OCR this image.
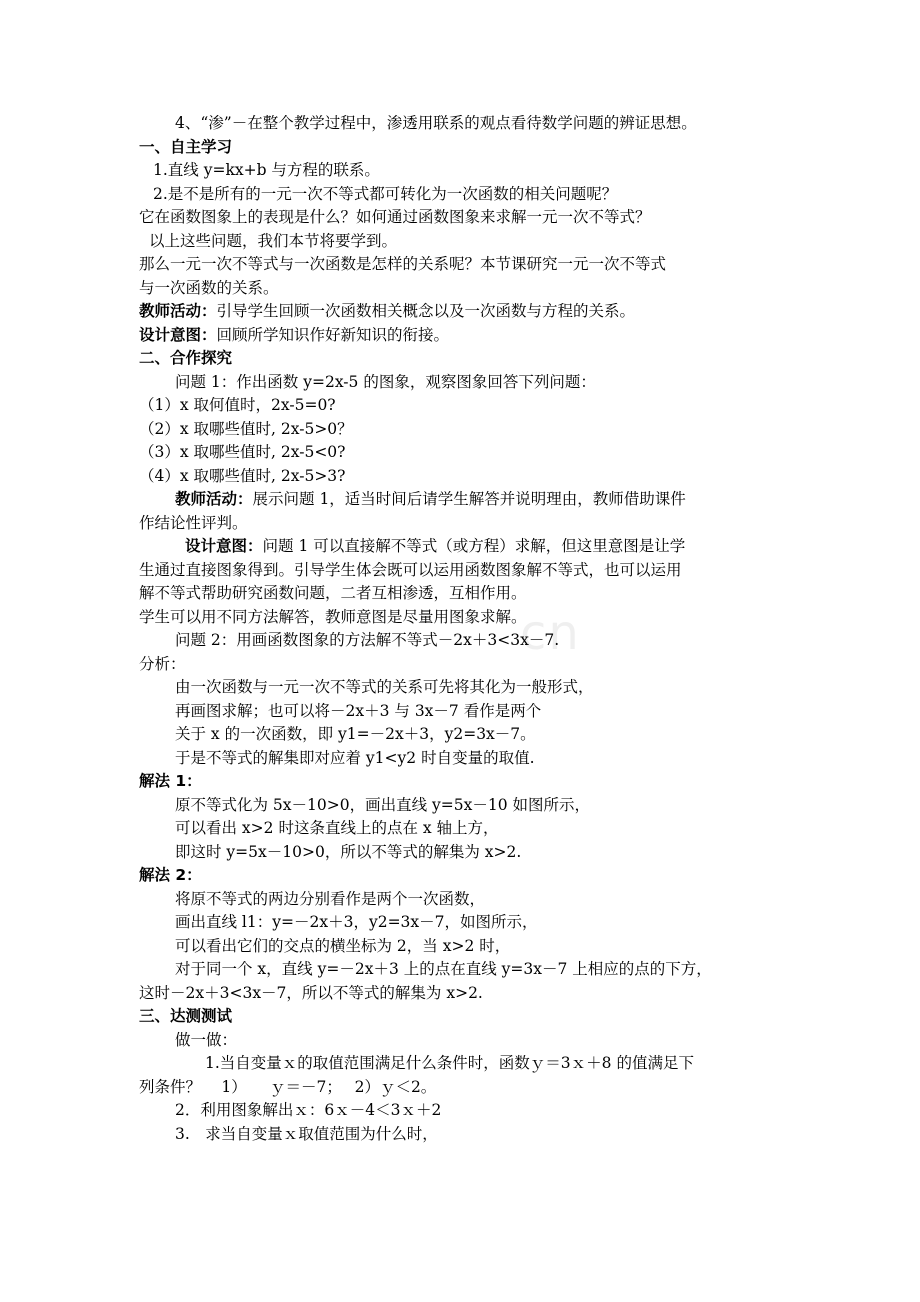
cn
4、“渗”－在整个教学过程中，渗透用联系的观点看待数学问题的辨证思想。
一、自主学习
1.直线 y=kx+b 与方程的联系。
2.是不是所有的一元一次不等式都可转化为一次函数的相关问题呢？
它在函数图象上的表现是什么？如何通过函数图象来求解一元一次不等式？
以上这些问题，我们本节将要学到。
那么一元一次不等式与一次函数是怎样的关系呢？本节课研究一元一次不等式
与一次函数的关系。
教师活动：引导学生回顾一次函数相关概念以及一次函数与方程的关系。
设计意图：回顾所学知识作好新知识的衔接。
二、合作探究
问题 1：作出函数 y=2x-5 的图象，观察图象回答下列问题：
（1）x 取何值时，2x-5=0?
（2）x 取哪些值时, 2x-5>0？
（3）x 取哪些值时, 2x-5<0?
（4）x 取哪些值时, 2x-5>3?
教师活动：展示问题 1，适当时间后请学生解答并说明理由，教师借助课件
作结论性评判。
设计意图：问题 1 可以直接解不等式（或方程）求解，但这里意图是让学
生通过直接图象得到。引导学生体会既可以运用函数图象解不等式，也可以运用
解不等式帮助研究函数问题，二者互相渗透，互相作用。
学生可以用不同方法解答，教师意图是尽量用图象求解。
问题 2：用画函数图象的方法解不等式－2x＋3<3x－7.
分析：
由一次函数与一元一次不等式的关系可先将其化为一般形式，
再画图求解；也可以将－2x＋3 与 3x－7 看作是两个
关于 x 的一次函数，即 y1=－2x＋3，y2=3x－7。
于是不等式的解集即对应着 y1<y2 时自变量的取值.
解法 1：
原不等式化为 5x－10>0，画出直线 y=5x－10 如图所示，
可以看出 x>2 时这条直线上的点在 x 轴上方，
即这时 y=5x－10>0，所以不等式的解集为 x>2.
解法 2：
将原不等式的两边分别看作是两个一次函数，
画出直线 l1：y=－2x＋3，y2=3x－7，如图所示，
可以看出它们的交点的横坐标为 2，当 x>2 时，
对于同一个 x，直线 y=－2x＋3 上的点在直线 y=3x－7 上相应的点的下方，
这时－2x＋3<3x－7，所以不等式的解集为 x>2.
三、达测测试
做一做：
1.当自变量ｘ的取值范围满足什么条件时，函数ｙ＝3ｘ＋8 的值满足下
列条件？　 1）　　ｙ＝－7；　 2）ｙ＜2。
2．利用图象解出ｘ：6ｘ－4＜3ｘ＋2
3.　求当自变量ｘ取值范围为什么时，
